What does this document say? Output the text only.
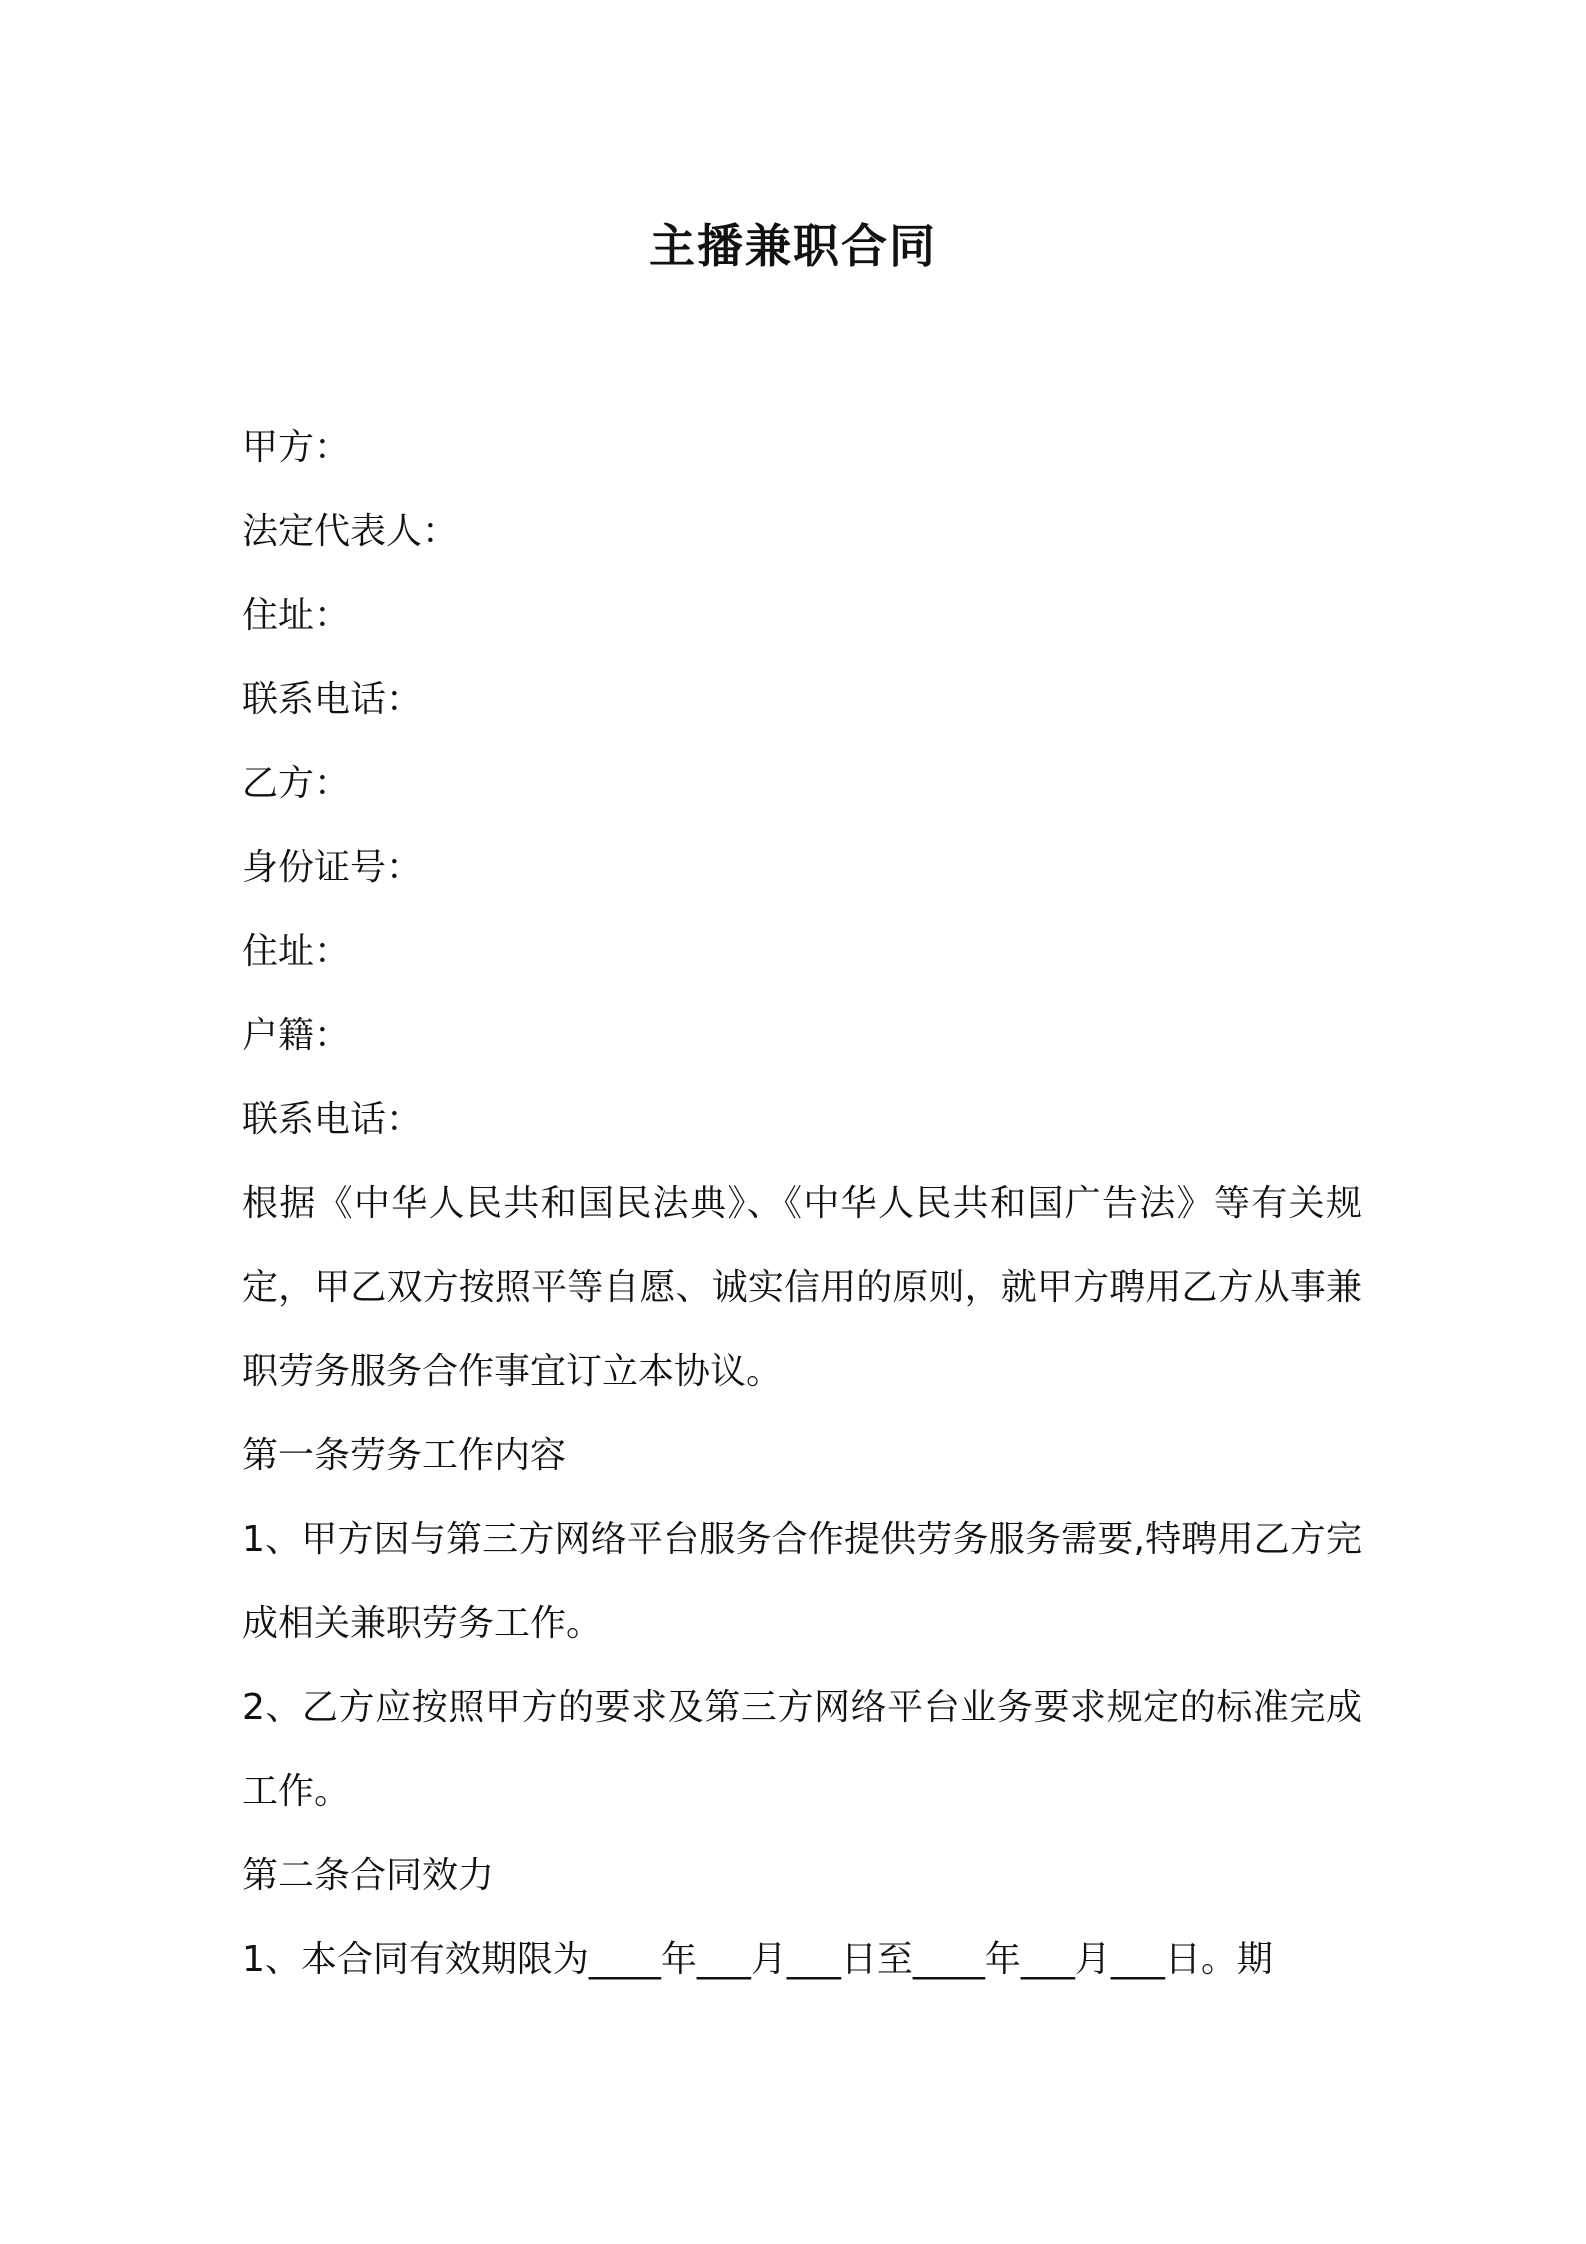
主播兼职合同
甲方：
法定代表人：
住址：
联系电话：
乙方：
身份证号：
住址：
户籍：
联系电话：
根据《中华人民共和国民法典》、《中华人民共和国广告法》等有关规定，甲乙双方按照平等自愿、诚实信用的原则，就甲方聘用乙方从事兼职劳务服务合作事宜订立本协议。
第一条劳务工作内容
1、甲方因与第三方网络平台服务合作提供劳务服务需要,特聘用乙方完成相关兼职劳务工作。
2、乙方应按照甲方的要求及第三方网络平台业务要求规定的标准完成工作。
第二条合同效力
1、本合同有效期限为____年___月___日至____年___月___日。期
